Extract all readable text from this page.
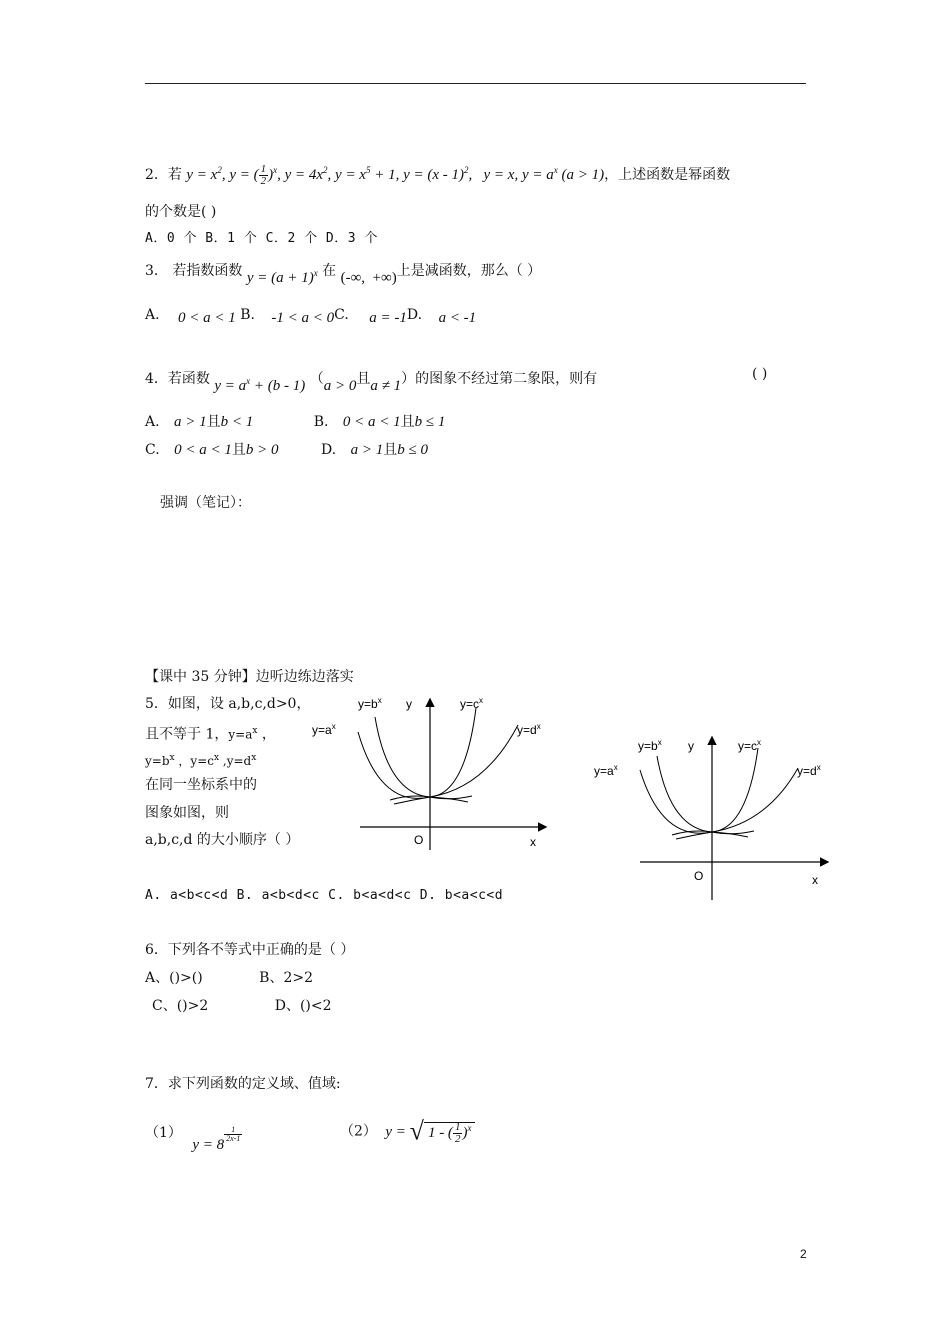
2．若 $y = x^2$, y = ( $\frac{1}{2} )^x$, $y = 4x^2$, $y = x^5 + 1$, y = (x - 1)$^2$,   y = x, $y = a^x$ (a > 1)，上述函数是幂函数
的个数是( )
A．0 个 B．1 个 C．2 个 D．3 个
3． 若指数函数 $y = (a + 1)^x$ 在 (-∞,  +∞)上是减函数，那么（ ）
A. 0 < a < 1 B. -1 < a < 0C. a = -1D. a < -1
4．若函数 $y = a^x + (b - 1) (a > 0$且a ≠ 1）的图象不经过第二象限，则有	( )
A. a > 1且b < 1	B. 0 < a < 1且b ≤ 1
C. 0 < a < 1且b > 0	D. a > 1且b ≤ 0
强调（笔记）：
【课中 35 分钟】边听边练边落实
5．如图，设 a,b,c,d>0，
且不等于 1，$y=a^x$ ，
$y=b^x$ ，$y=c^x$ $,y=d^x$
在同一坐标系中的
图象如图，则
a,b,c,d 的大小顺序（ ）
A. a<b<c<d B. a<b<d<c C. b<a<d<c D. b<a<c<d
$y=b^x$ y	$y=c^x$
$y=a^x$	$y=d^x$
O	x
$y=b^x$ y	$y=c^x$
$y=a^x$	$y=d^x$
O	x
6．下列各不等式中正确的是（ ）
A、()>()	B、2>2
C、()>2	D、()<2
7．求下列函数的定义域、值域:
（1） y = 8
$^{\frac{1}{2x-1}}$	（2） y = √ 1 - ( $\frac{1}{2} )^x$
2
